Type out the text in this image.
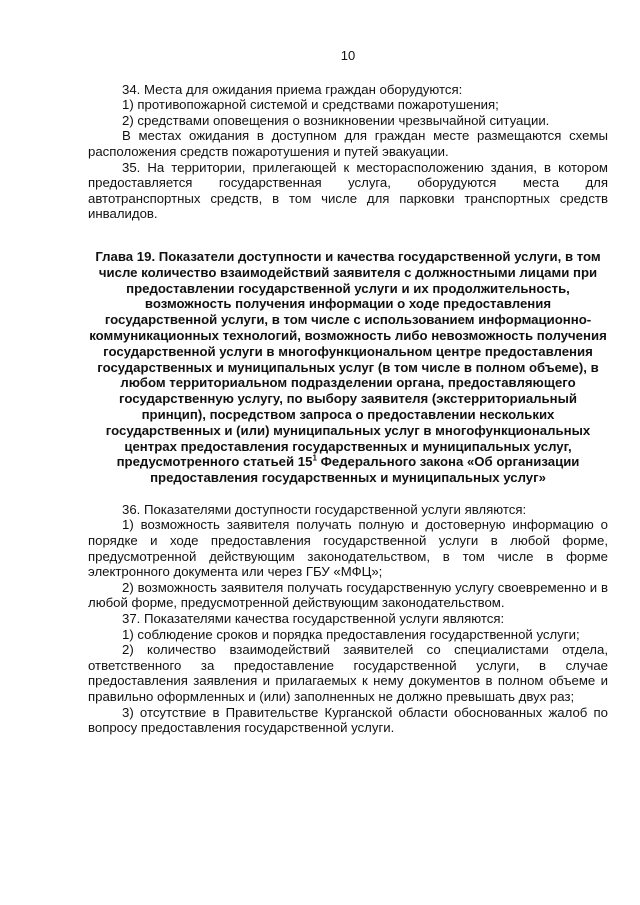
10

34. Места для ожидания приема граждан оборудуются:

1) противопожарной системой и средствами пожаротушения;

2) средствами оповещения о возникновении чрезвычайной ситуации.

В местах ожидания в доступном для граждан месте размещаются схемы расположения средств пожаротушения и путей эвакуации.

35. На территории, прилегающей к месторасположению здания, в котором предоставляется государственная услуга, оборудуются места для автотранспортных средств, в том числе для парковки транспортных средств инвалидов.

Глава 19. Показатели доступности и качества государственной услуги, в том числе количество взаимодействий заявителя с должностными лицами при предоставлении государственной услуги и их продолжительность, возможность получения информации о ходе предоставления государственной услуги, в том числе с использованием информационно-коммуникационных технологий, возможность либо невозможность получения государственной услуги в многофункциональном центре предоставления государственных и муниципальных услуг (в том числе в полном объеме), в любом территориальном подразделении органа, предоставляющего государственную услугу, по выбору заявителя (экстерриториальный принцип), посредством запроса о предоставлении нескольких государственных и (или) муниципальных услуг в многофункциональных центрах предоставления государственных и муниципальных услуг, предусмотренного статьей $15^1$ Федерального закона «Об организации предоставления государственных и муниципальных услуг»

36. Показателями доступности государственной услуги являются:

1) возможность заявителя получать полную и достоверную информацию о порядке и ходе предоставления государственной услуги в любой форме, предусмотренной действующим законодательством, в том числе в форме электронного документа или через ГБУ «МФЦ»;

2) возможность заявителя получать государственную услугу своевременно и в любой форме, предусмотренной действующим законодательством.

37. Показателями качества государственной услуги являются:

1) соблюдение сроков и порядка предоставления государственной услуги;

2) количество взаимодействий заявителей со специалистами отдела, ответственного за предоставление государственной услуги, в случае предоставления заявления и прилагаемых к нему документов в полном объеме и правильно оформленных и (или) заполненных не должно превышать двух раз;

3) отсутствие в Правительстве Курганской области обоснованных жалоб по вопросу предоставления государственной услуги.
